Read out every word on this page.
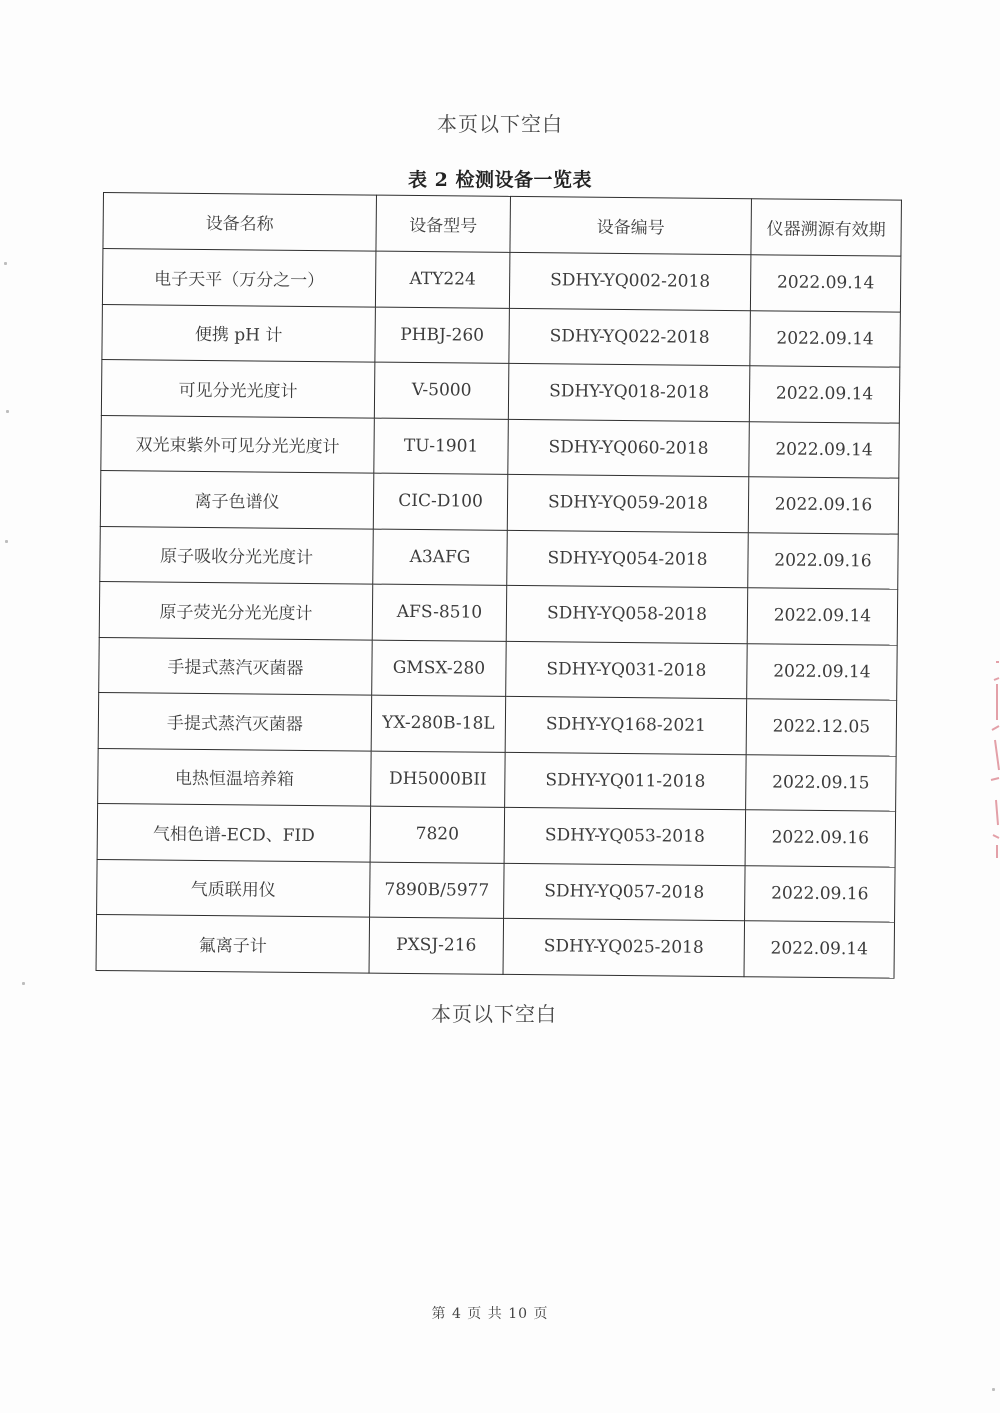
本页以下空白
表 2 检测设备一览表
设备名称	设备型号	设备编号	仪器溯源有效期
电子天平（万分之一）	ATY224	SDHY-YQ002-2018	2022.09.14
便携 pH 计	PHBJ-260	SDHY-YQ022-2018	2022.09.14
可见分光光度计	V-5000	SDHY-YQ018-2018	2022.09.14
双光束紫外可见分光光度计	TU-1901	SDHY-YQ060-2018	2022.09.14
离子色谱仪	CIC-D100	SDHY-YQ059-2018	2022.09.16
原子吸收分光光度计	A3AFG	SDHY-YQ054-2018	2022.09.16
原子荧光分光光度计	AFS-8510	SDHY-YQ058-2018	2022.09.14
手提式蒸汽灭菌器	GMSX-280	SDHY-YQ031-2018	2022.09.14
手提式蒸汽灭菌器	YX-280B-18L	SDHY-YQ168-2021	2022.12.05
电热恒温培养箱	DH5000BII	SDHY-YQ011-2018	2022.09.15
气相色谱-ECD、FID	7820	SDHY-YQ053-2018	2022.09.16
气质联用仪	7890B/5977	SDHY-YQ057-2018	2022.09.16
氟离子计	PXSJ-216	SDHY-YQ025-2018	2022.09.14
本页以下空白
第 4 页 共 10 页
